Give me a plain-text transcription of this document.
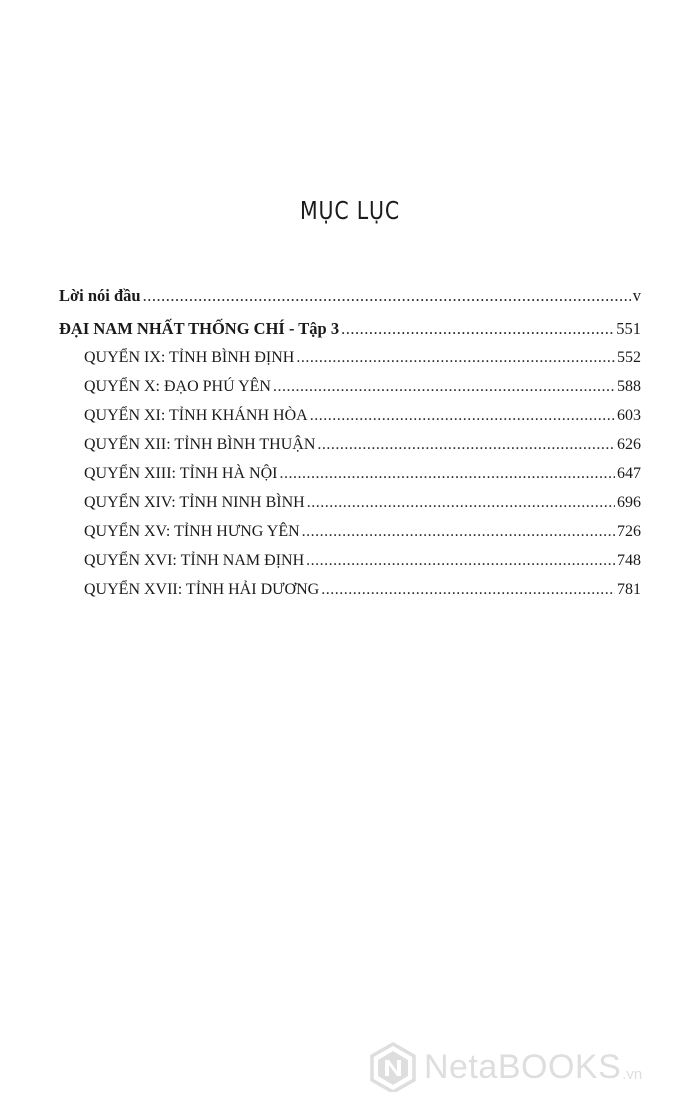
MỤC LỤC
Lời nói đầu .....	v
ĐẠI NAM NHẤT THỐNG CHÍ - Tập 3 .....	551
QUYỂN IX: TỈNH BÌNH ĐỊNH .....	552
QUYỂN X: ĐẠO PHÚ YÊN .....	588
QUYỂN XI: TỈNH KHÁNH HÒA .....	603
QUYỂN XII: TỈNH BÌNH THUẬN .....	626
QUYỂN XIII: TỈNH HÀ NỘI .....	647
QUYỂN XIV: TỈNH NINH BÌNH .....	696
QUYỂN XV: TỈNH HƯNG YÊN .....	726
QUYỂN XVI: TỈNH NAM ĐỊNH .....	748
QUYỂN XVII: TỈNH HẢI DƯƠNG .....	781
NetaBOOKS .vn
